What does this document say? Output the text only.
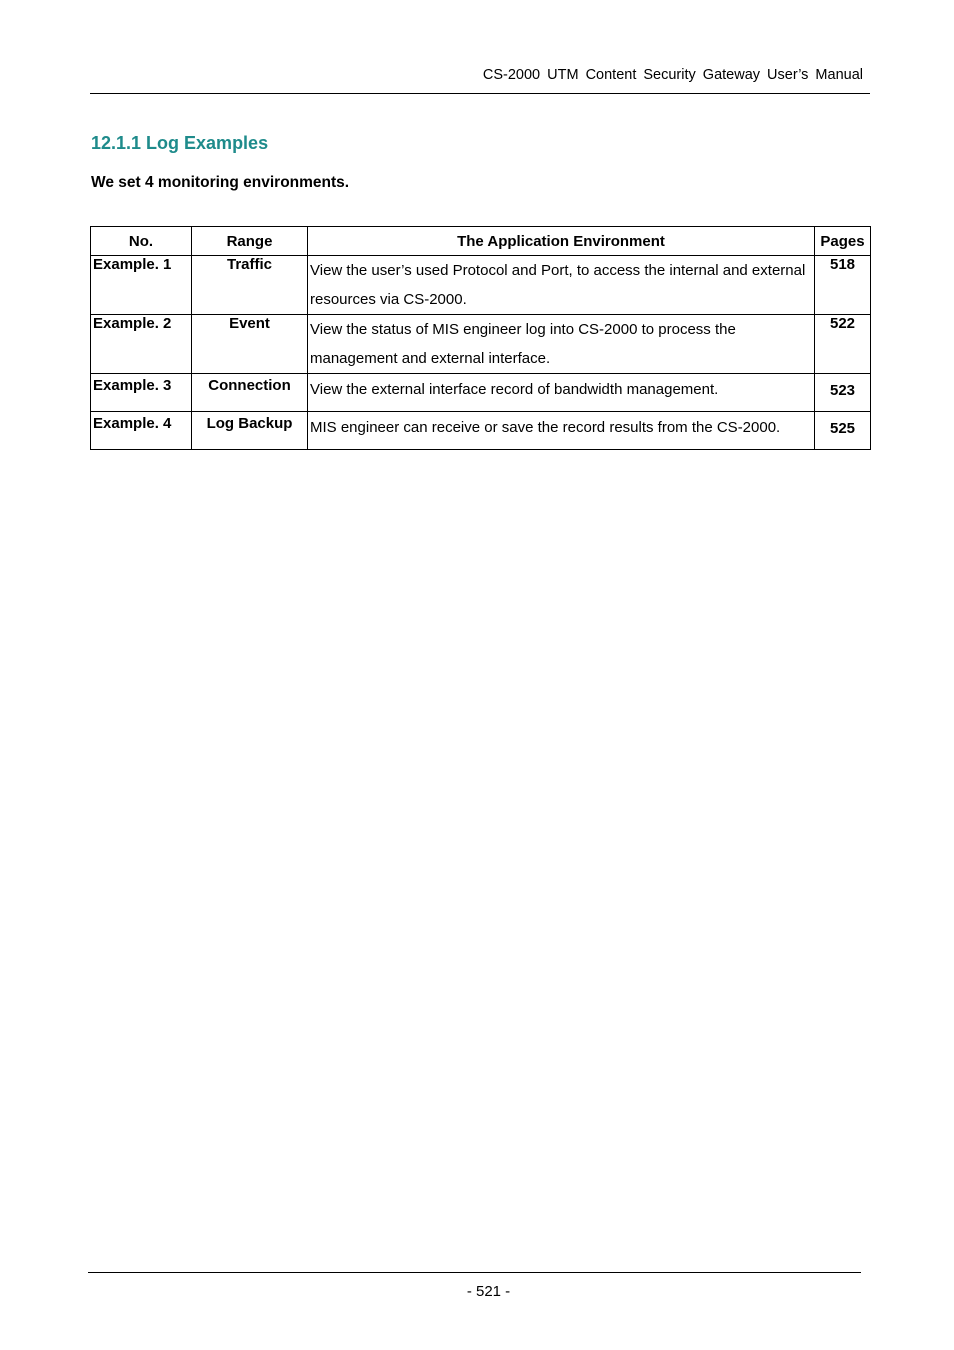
CS-2000 UTM Content Security Gateway User’s Manual
12.1.1 Log Examples
We set 4 monitoring environments.
No.	Range	The Application Environment	Pages
Example. 1	Traffic	View the user’s used Protocol and Port, to access the internal and external resources via CS-2000.	518
Example. 2	Event	View the status of MIS engineer log into CS-2000 to process the management and external interface.	522
Example. 3	Connection	View the external interface record of bandwidth management.	523
Example. 4	Log Backup	MIS engineer can receive or save the record results from the CS-2000.	525
- 521 -
